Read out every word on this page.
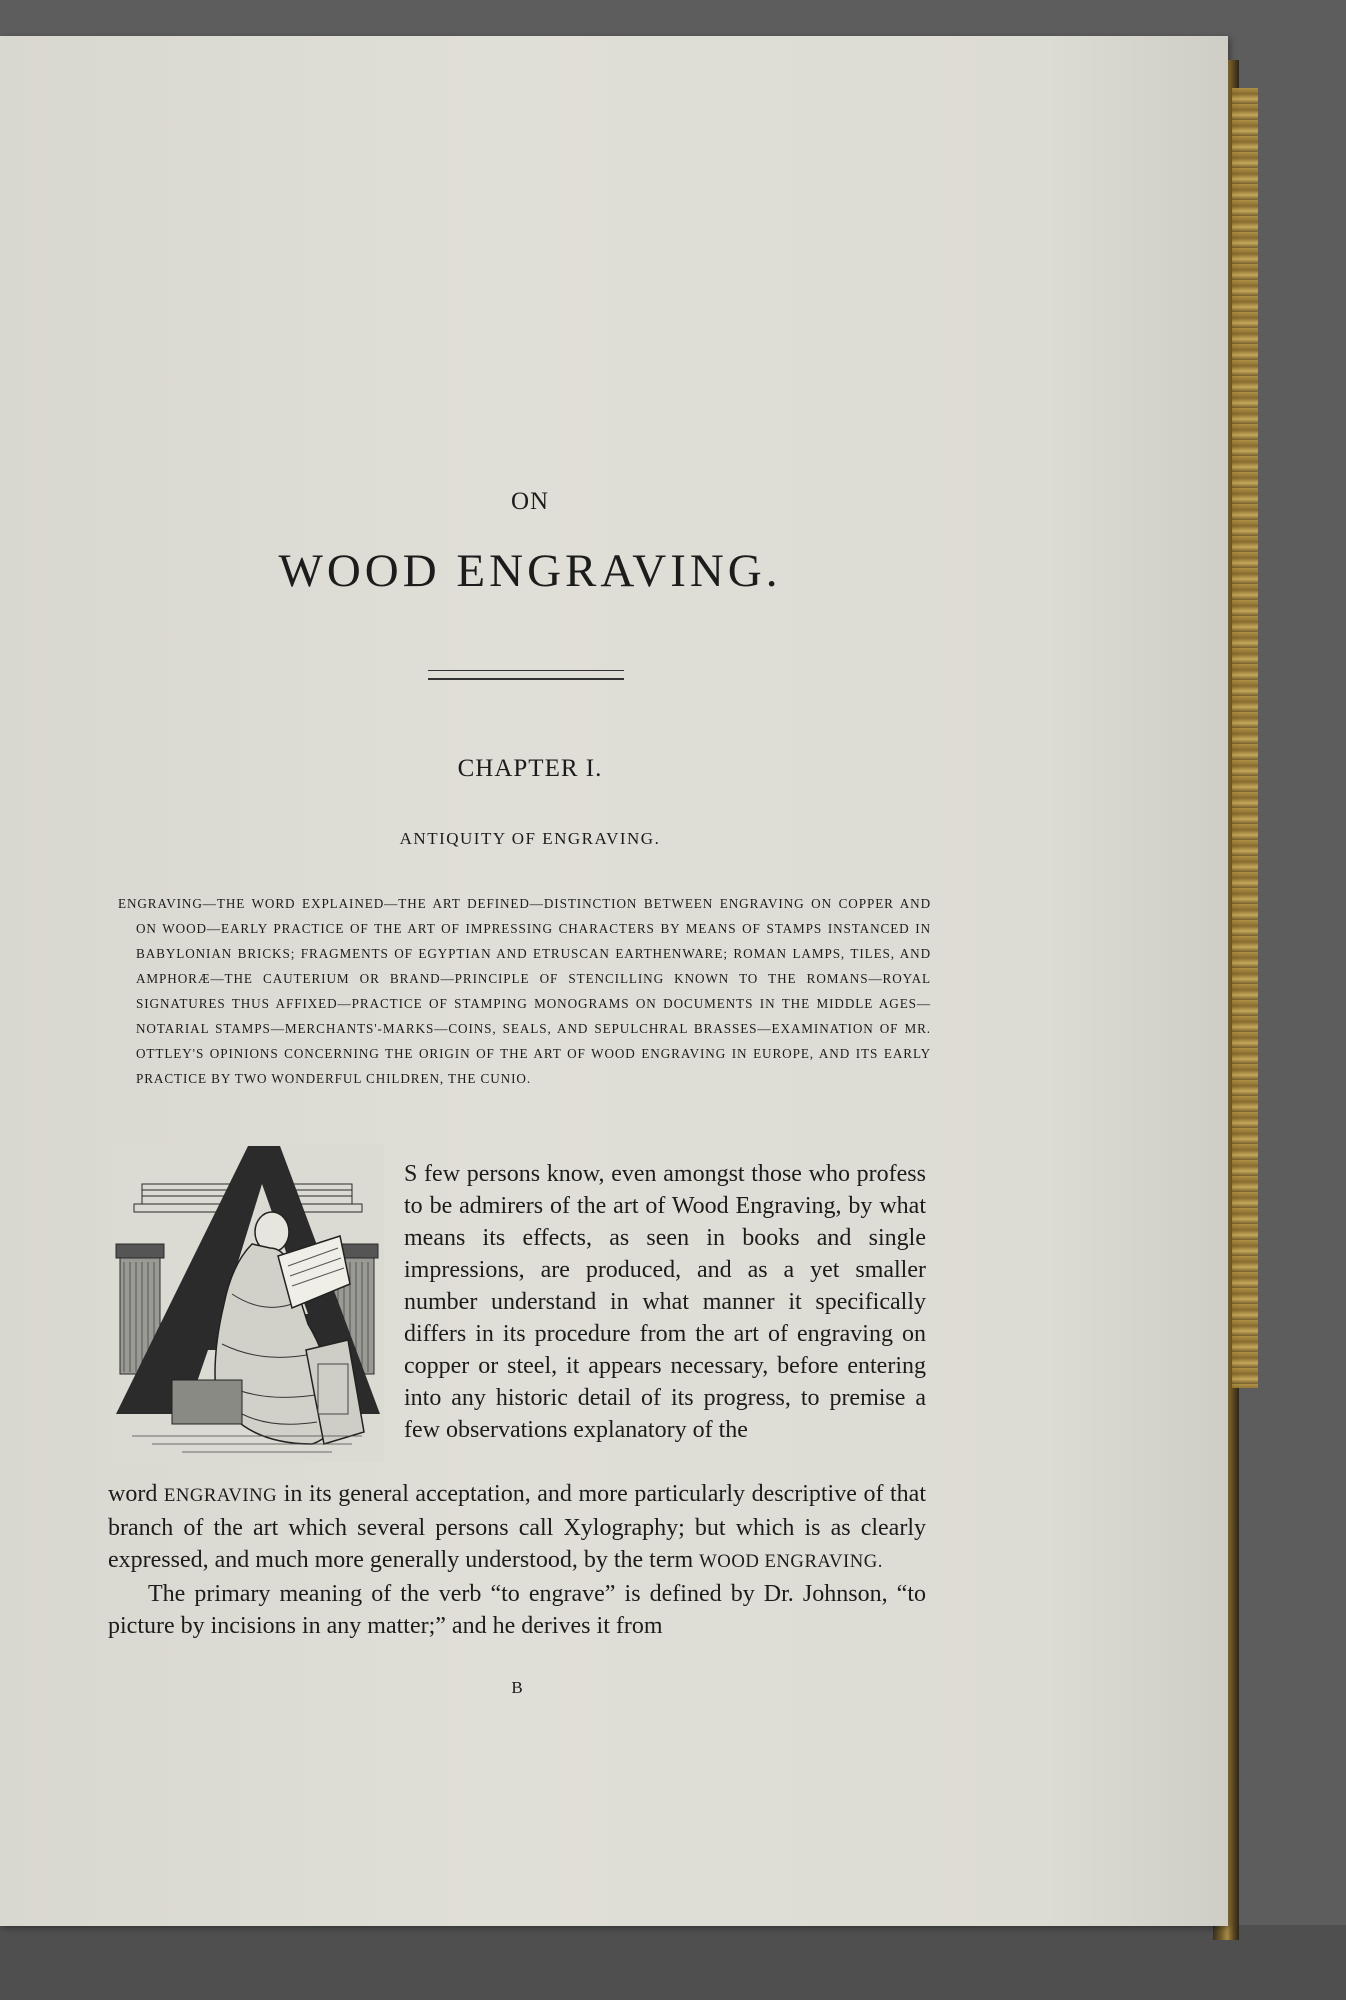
ON

WOOD ENGRAVING.

CHAPTER I.

ANTIQUITY OF ENGRAVING.

ENGRAVING—THE WORD EXPLAINED—THE ART DEFINED—DISTINCTION BETWEEN ENGRAVING ON COPPER AND ON WOOD—EARLY PRACTICE OF THE ART OF IMPRESSING CHARACTERS BY MEANS OF STAMPS INSTANCED IN BABYLONIAN BRICKS; FRAGMENTS OF EGYPTIAN AND ETRUSCAN EARTHENWARE; ROMAN LAMPS, TILES, AND AMPHORÆ—THE CAUTERIUM OR BRAND—PRINCIPLE OF STENCILLING KNOWN TO THE ROMANS—ROYAL SIGNATURES THUS AFFIXED—PRACTICE OF STAMPING MONOGRAMS ON DOCUMENTS IN THE MIDDLE AGES—NOTARIAL STAMPS—MERCHANTS'-MARKS—COINS, SEALS, AND SEPULCHRAL BRASSES—EXAMINATION OF MR. OTTLEY'S OPINIONS CONCERNING THE ORIGIN OF THE ART OF WOOD ENGRAVING IN EUROPE, AND ITS EARLY PRACTICE BY TWO WONDERFUL CHILDREN, THE CUNIO.

S few persons know, even amongst those who profess to be admirers of the art of Wood Engraving, by what means its effects, as seen in books and single impressions, are produced, and as a yet smaller number understand in what manner it specifically differs in its procedure from the art of engraving on copper or steel, it appears necessary, before entering into any historic detail of its progress, to premise a few observations explanatory of the

word ENGRAVING in its general acceptation, and more particularly descriptive of that branch of the art which several persons call Xylography; but which is as clearly expressed, and much more generally understood, by the term WOOD ENGRAVING.
The primary meaning of the verb “to engrave” is defined by Dr. Johnson, “to picture by incisions in any matter;” and he derives it from

B
